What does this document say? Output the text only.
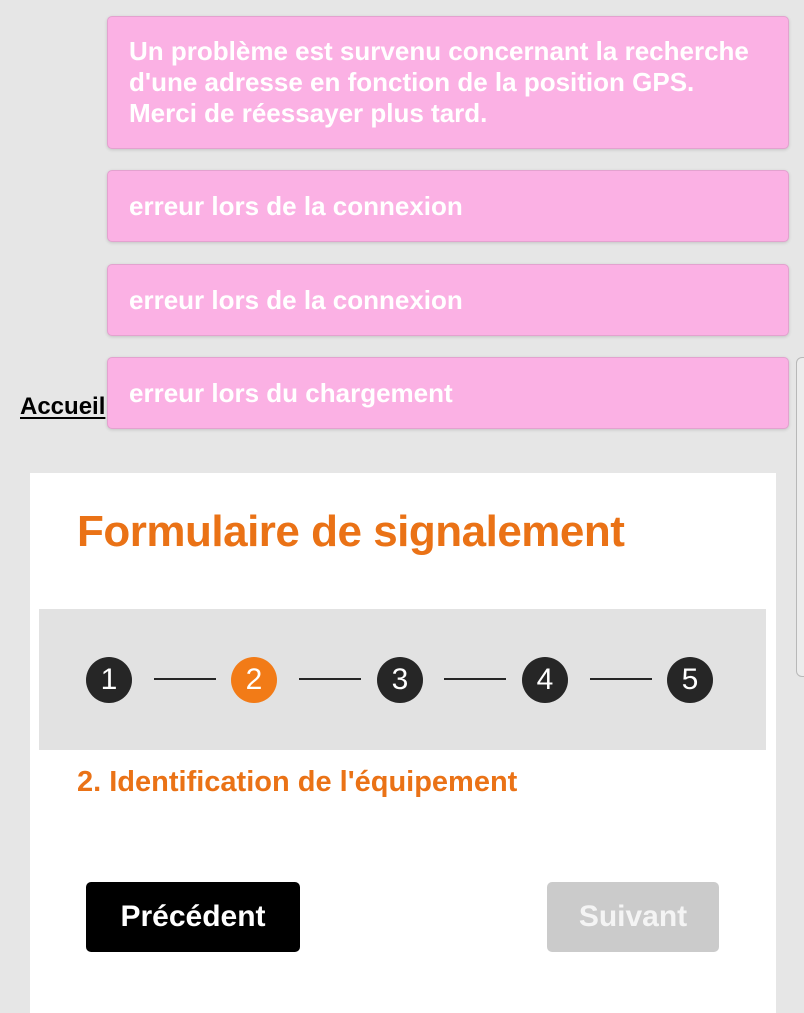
Accueil
Formulaire de signalement
1	2	3	4	5
2. Identification de l'équipement
Précédent	Suivant
Un problème est survenu concernant la recherche d'une adresse en fonction de la position GPS. Merci de réessayer plus tard.
erreur lors de la connexion
erreur lors de la connexion
erreur lors du chargement
